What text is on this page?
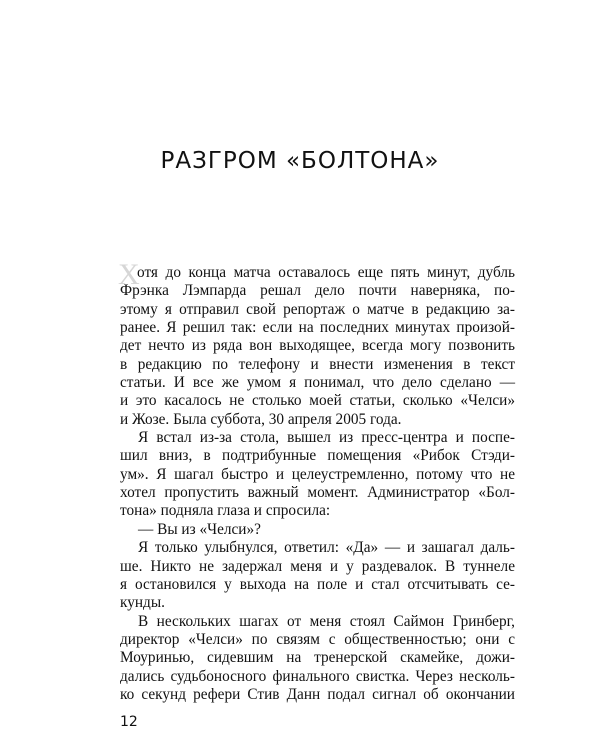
РАЗГРОМ «БОЛТОНА»
Х
отя до конца матча оставалось еще пять минут, дубль
Фрэнка Лэмпарда решал дело почти наверняка, по-
этому я отправил свой репортаж о матче в редакцию за-
ранее. Я решил так: если на последних минутах произой-
дет нечто из ряда вон выходящее, всегда могу позвонить
в редакцию по телефону и внести изменения в текст
статьи. И все же умом я понимал, что дело сделано —
и это касалось не столько моей статьи, сколько «Челси»
и Жозе. Была суббота, 30 апреля 2005 года.
Я встал из-за стола, вышел из пресс-центра и поспе-
шил вниз, в подтрибунные помещения «Рибок Стэди-
ум». Я шагал быстро и целеустремленно, потому что не
хотел пропустить важный момент. Администратор «Бол-
тона» подняла глаза и спросила:
— Вы из «Челси»?
Я только улыбнулся, ответил: «Да» — и зашагал даль-
ше. Никто не задержал меня и у раздевалок. В туннеле
я остановился у выхода на поле и стал отсчитывать се-
кунды.
В нескольких шагах от меня стоял Саймон Гринберг,
директор «Челси» по связям с общественностью; они с
Моуринью, сидевшим на тренерской скамейке, дожи-
дались судьбоносного финального свистка. Через несколь-
ко секунд рефери Стив Данн подал сигнал об окончании
12
